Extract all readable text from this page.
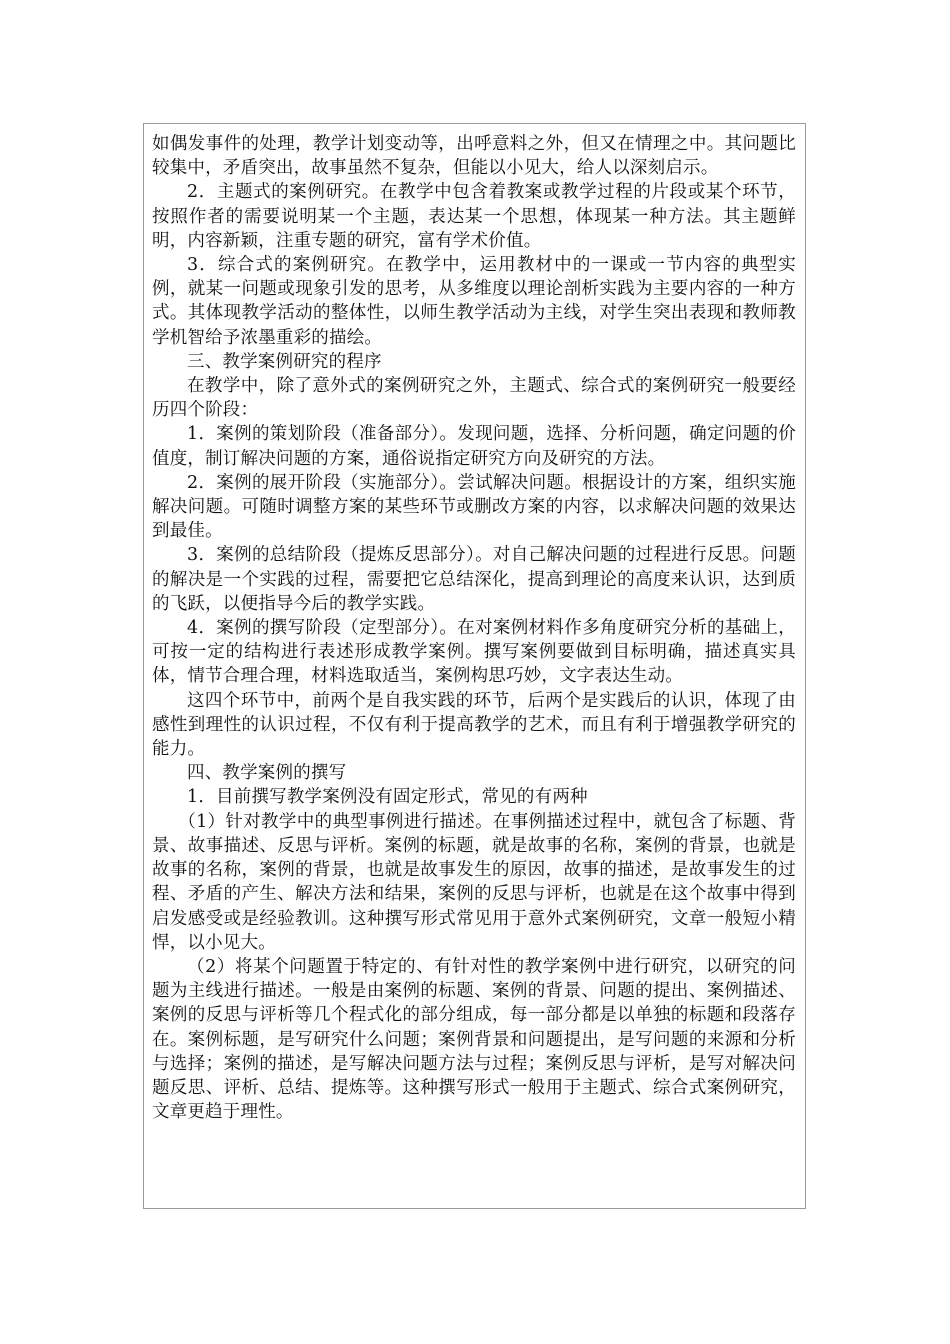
如偶发事件的处理，教学计划变动等，出呼意料之外，但又在情理之中。其问题比较集中，矛盾突出，故事虽然不复杂，但能以小见大，给人以深刻启示。

2．主题式的案例研究。在教学中包含着教案或教学过程的片段或某个环节，按照作者的需要说明某一个主题，表达某一个思想，体现某一种方法。其主题鲜明，内容新颖，注重专题的研究，富有学术价值。

3．综合式的案例研究。在教学中，运用教材中的一课或一节内容的典型实例，就某一问题或现象引发的思考，从多维度以理论剖析实践为主要内容的一种方式。其体现教学活动的整体性，以师生教学活动为主线，对学生突出表现和教师教学机智给予浓墨重彩的描绘。

三、教学案例研究的程序

在教学中，除了意外式的案例研究之外，主题式、综合式的案例研究一般要经历四个阶段：

1．案例的策划阶段（准备部分）。发现问题，选择、分析问题，确定问题的价值度，制订解决问题的方案，通俗说指定研究方向及研究的方法。

2．案例的展开阶段（实施部分）。尝试解决问题。根据设计的方案，组织实施解决问题。可随时调整方案的某些环节或删改方案的内容，以求解决问题的效果达到最佳。

3．案例的总结阶段（提炼反思部分）。对自己解决问题的过程进行反思。问题的解决是一个实践的过程，需要把它总结深化，提高到理论的高度来认识，达到质的飞跃，以便指导今后的教学实践。

4．案例的撰写阶段（定型部分）。在对案例材料作多角度研究分析的基础上，可按一定的结构进行表述形成教学案例。撰写案例要做到目标明确，描述真实具体，情节合理合理，材料选取适当，案例构思巧妙，文字表达生动。

这四个环节中，前两个是自我实践的环节，后两个是实践后的认识，体现了由感性到理性的认识过程，不仅有利于提高教学的艺术，而且有利于增强教学研究的能力。

四、教学案例的撰写

1．目前撰写教学案例没有固定形式，常见的有两种

（1）针对教学中的典型事例进行描述。在事例描述过程中，就包含了标题、背景、故事描述、反思与评析。案例的标题，就是故事的名称，案例的背景，也就是故事的名称，案例的背景，也就是故事发生的原因，故事的描述，是故事发生的过程、矛盾的产生、解决方法和结果，案例的反思与评析，也就是在这个故事中得到启发感受或是经验教训。这种撰写形式常见用于意外式案例研究，文章一般短小精悍，以小见大。

（2）将某个问题置于特定的、有针对性的教学案例中进行研究，以研究的问题为主线进行描述。一般是由案例的标题、案例的背景、问题的提出、案例描述、案例的反思与评析等几个程式化的部分组成，每一部分都是以单独的标题和段落存在。案例标题，是写研究什么问题；案例背景和问题提出，是写问题的来源和分析与选择；案例的描述，是写解决问题方法与过程；案例反思与评析，是写对解决问题反思、评析、总结、提炼等。这种撰写形式一般用于主题式、综合式案例研究，文章更趋于理性。
